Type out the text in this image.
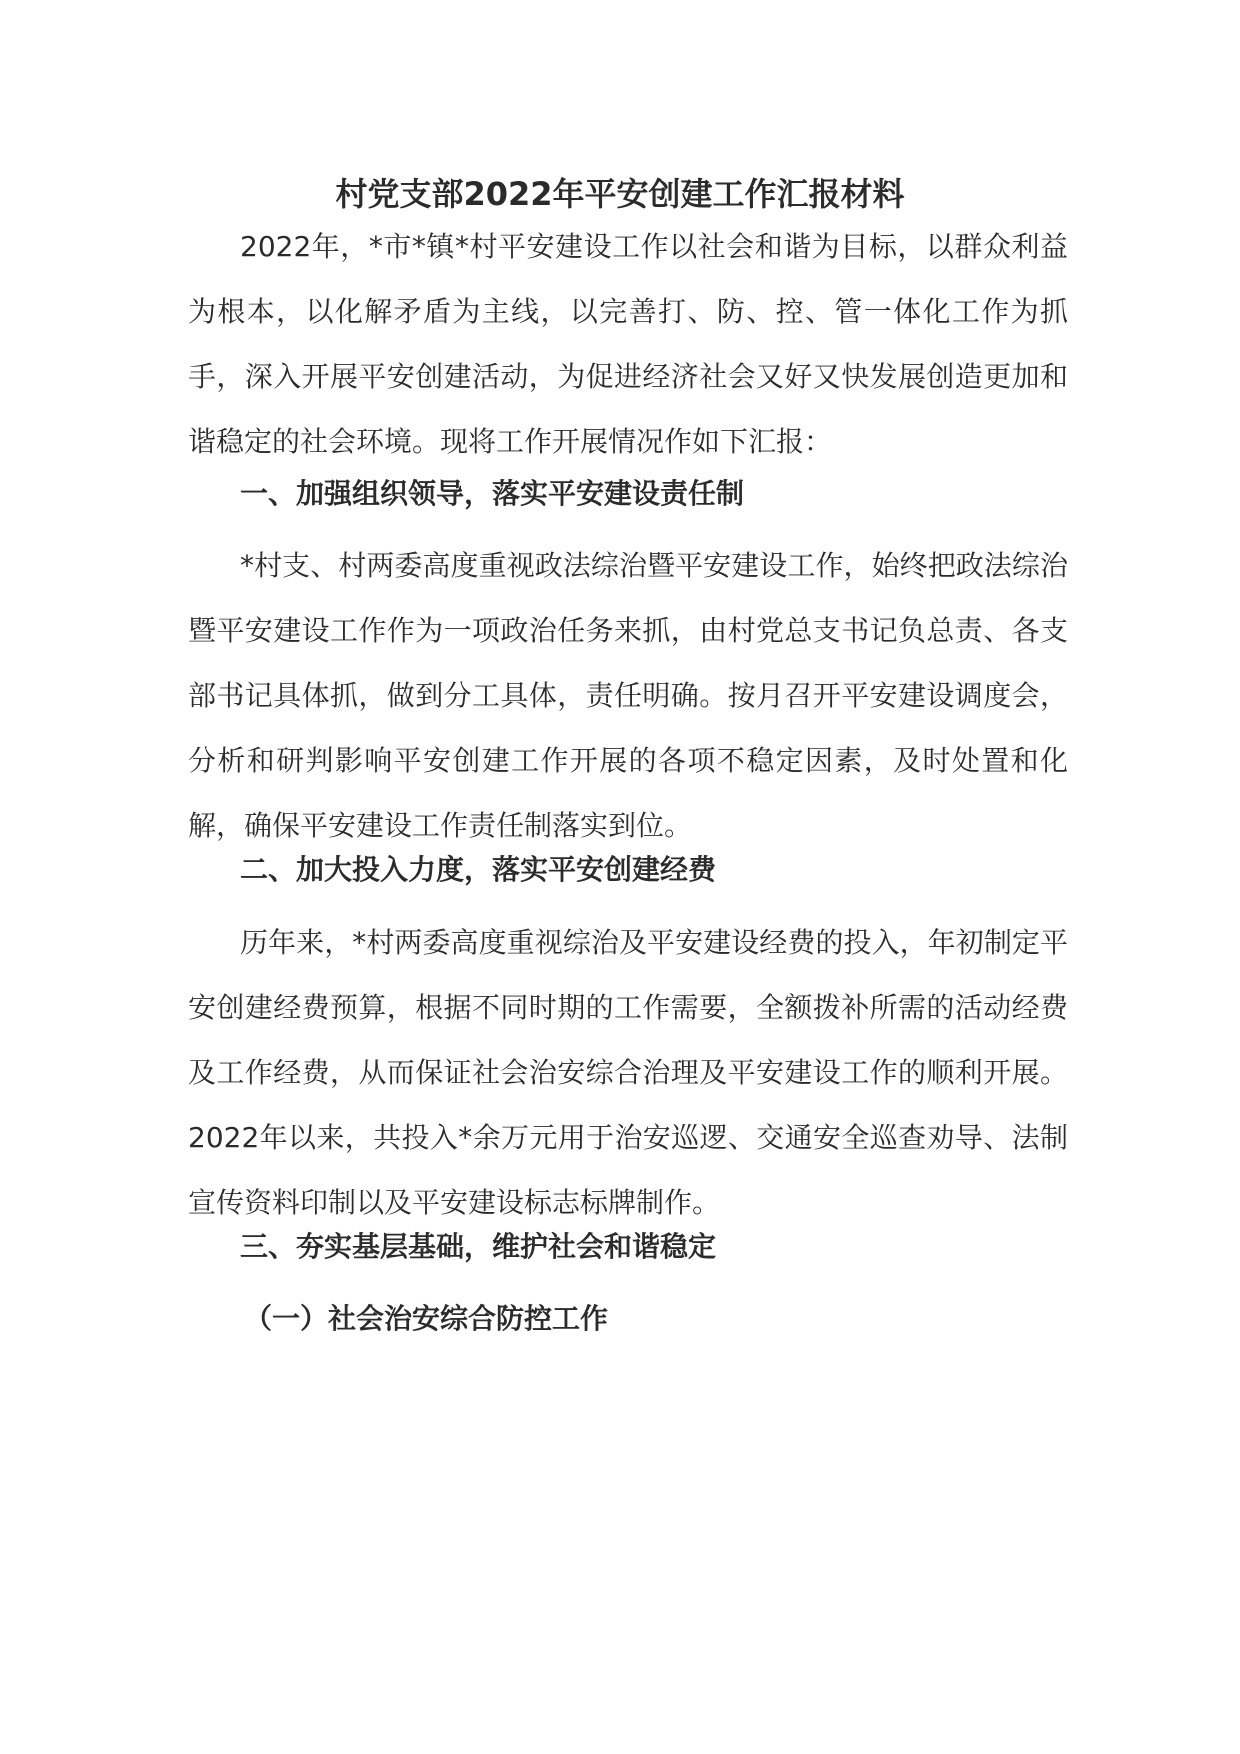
村党支部2022年平安创建工作汇报材料

2022年，*市*镇*村平安建设工作以社会和谐为目标，以群众利益为根本，以化解矛盾为主线，以完善打、防、控、管一体化工作为抓手，深入开展平安创建活动，为促进经济社会又好又快发展创造更加和谐稳定的社会环境。现将工作开展情况作如下汇报：

一、加强组织领导，落实平安建设责任制

*村支、村两委高度重视政法综治暨平安建设工作，始终把政法综治暨平安建设工作作为一项政治任务来抓，由村党总支书记负总责、各支部书记具体抓，做到分工具体，责任明确。按月召开平安建设调度会，分析和研判影响平安创建工作开展的各项不稳定因素，及时处置和化解，确保平安建设工作责任制落实到位。

二、加大投入力度，落实平安创建经费

历年来，*村两委高度重视综治及平安建设经费的投入，年初制定平安创建经费预算，根据不同时期的工作需要，全额拨补所需的活动经费及工作经费，从而保证社会治安综合治理及平安建设工作的顺利开展。2022年以来，共投入*余万元用于治安巡逻、交通安全巡查劝导、法制宣传资料印制以及平安建设标志标牌制作。

三、夯实基层基础，维护社会和谐稳定
（一）社会治安综合防控工作
